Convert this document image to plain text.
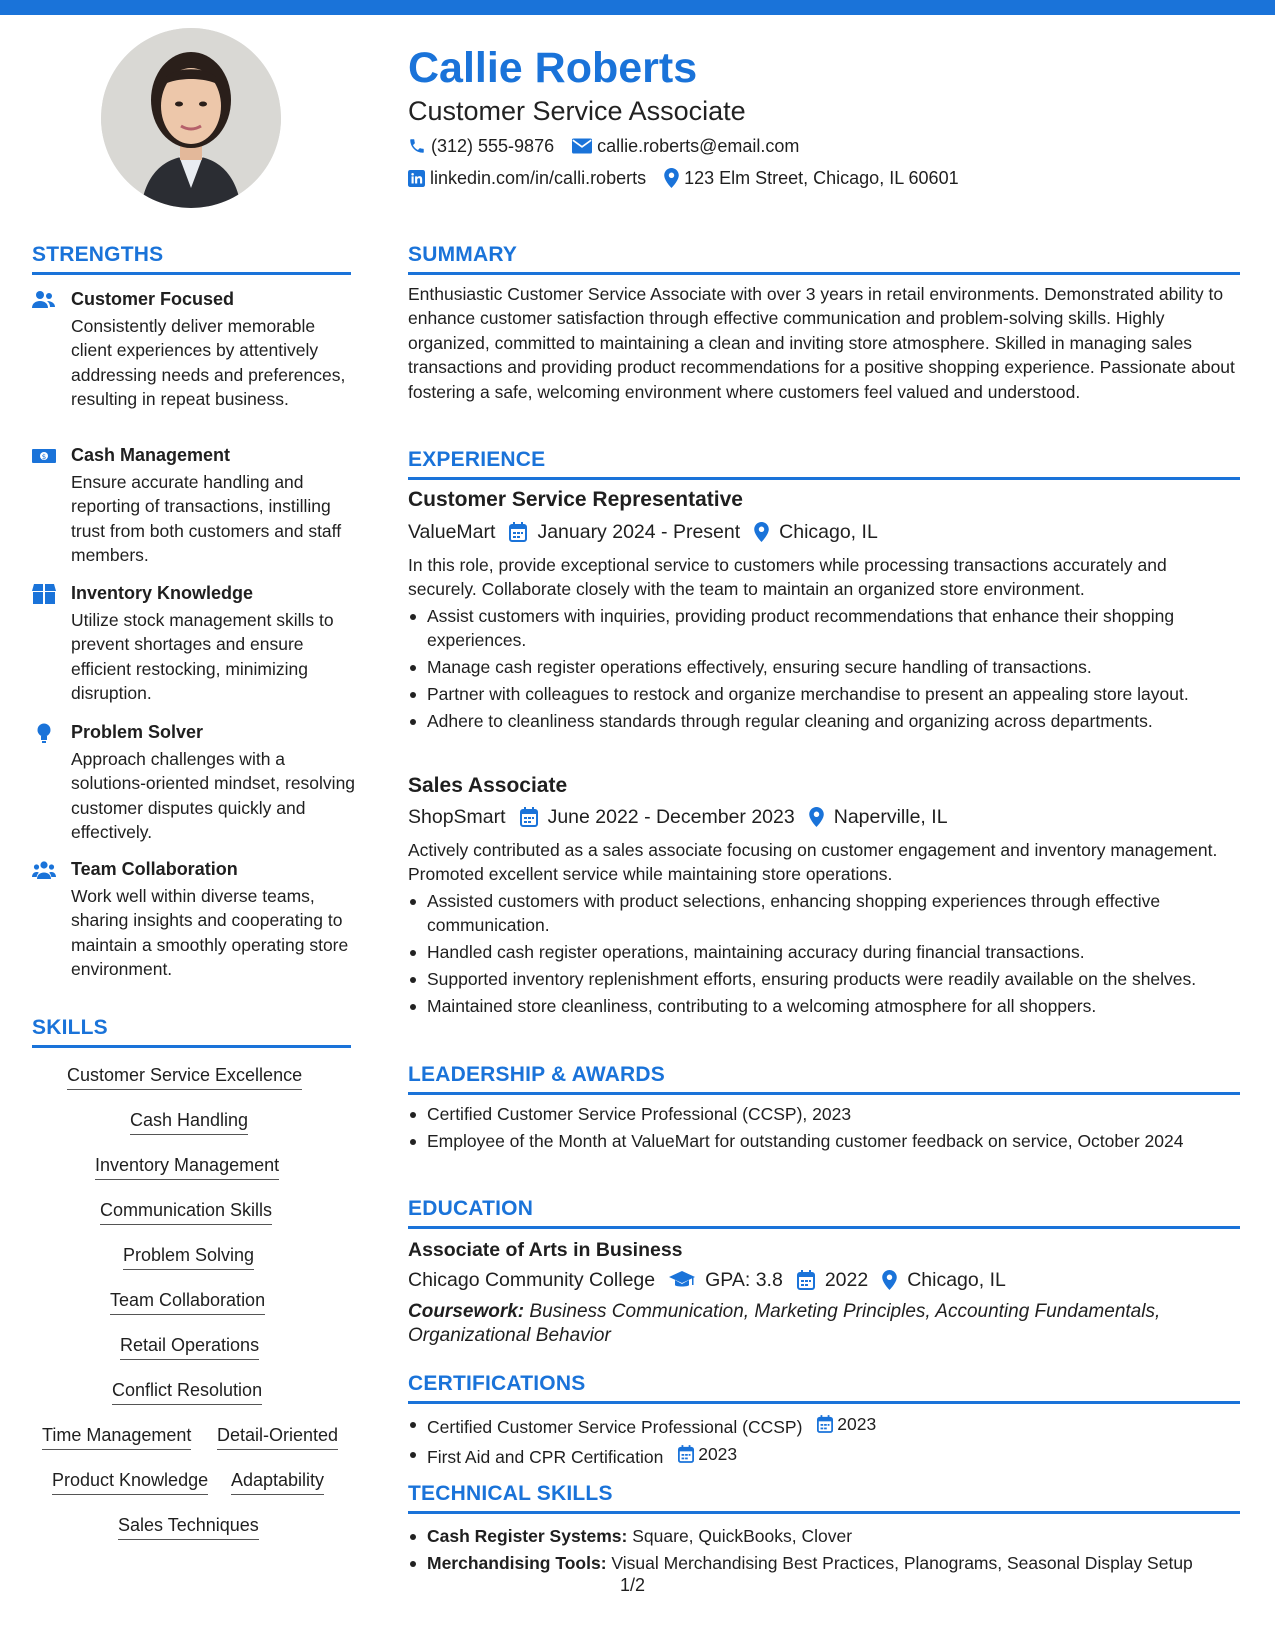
Callie Roberts
Customer Service Associate
(312) 555-9876 callie.roberts@email.com
linkedin.com/in/calli.roberts 123 Elm Street, Chicago, IL 60601
STRENGTHS
Customer Focused
Consistently deliver memorable client experiences by attentively addressing needs and preferences, resulting in repeat business.
$ Cash Management
Ensure accurate handling and reporting of transactions, instilling trust from both customers and staff members.
Inventory Knowledge
Utilize stock management skills to prevent shortages and ensure efficient restocking, minimizing disruption.
Problem Solver
Approach challenges with a solutions-oriented mindset, resolving customer disputes quickly and effectively.
Team Collaboration
Work well within diverse teams, sharing insights and cooperating to maintain a smoothly operating store environment.
SKILLS
Customer Service Excellence
Cash Handling
Inventory Management
Communication Skills
Problem Solving
Team Collaboration
Retail Operations
Conflict Resolution
Time Management Detail-Oriented
Product Knowledge Adaptability
Sales Techniques
SUMMARY
Enthusiastic Customer Service Associate with over 3 years in retail environments. Demonstrated ability to enhance customer satisfaction through effective communication and problem-solving skills. Highly organized, committed to maintaining a clean and inviting store atmosphere. Skilled in managing sales transactions and providing product recommendations for a positive shopping experience. Passionate about fostering a safe, welcoming environment where customers feel valued and understood.
EXPERIENCE
Customer Service Representative
ValueMart January 2024 - Present Chicago, IL
In this role, provide exceptional service to customers while processing transactions accurately and securely. Collaborate closely with the team to maintain an organized store environment.
Assist customers with inquiries, providing product recommendations that enhance their shopping experiences.
Manage cash register operations effectively, ensuring secure handling of transactions.
Partner with colleagues to restock and organize merchandise to present an appealing store layout.
Adhere to cleanliness standards through regular cleaning and organizing across departments.
Sales Associate
ShopSmart June 2022 - December 2023 Naperville, IL
Actively contributed as a sales associate focusing on customer engagement and inventory management. Promoted excellent service while maintaining store operations.
Assisted customers with product selections, enhancing shopping experiences through effective communication.
Handled cash register operations, maintaining accuracy during financial transactions.
Supported inventory replenishment efforts, ensuring products were readily available on the shelves.
Maintained store cleanliness, contributing to a welcoming atmosphere for all shoppers.
LEADERSHIP & AWARDS
Certified Customer Service Professional (CCSP), 2023
Employee of the Month at ValueMart for outstanding customer feedback on service, October 2024
EDUCATION
Associate of Arts in Business
Chicago Community College	GPA: 3.8 2022 Chicago, IL
Coursework: Business Communication, Marketing Principles, Accounting Fundamentals, Organizational Behavior
CERTIFICATIONS
Certified Customer Service Professional (CCSP) 2023
First Aid and CPR Certification 2023
TECHNICAL SKILLS
Cash Register Systems: Square, QuickBooks, Clover
Merchandising Tools: Visual Merchandising Best Practices, Planograms, Seasonal Display Setup
1/2
